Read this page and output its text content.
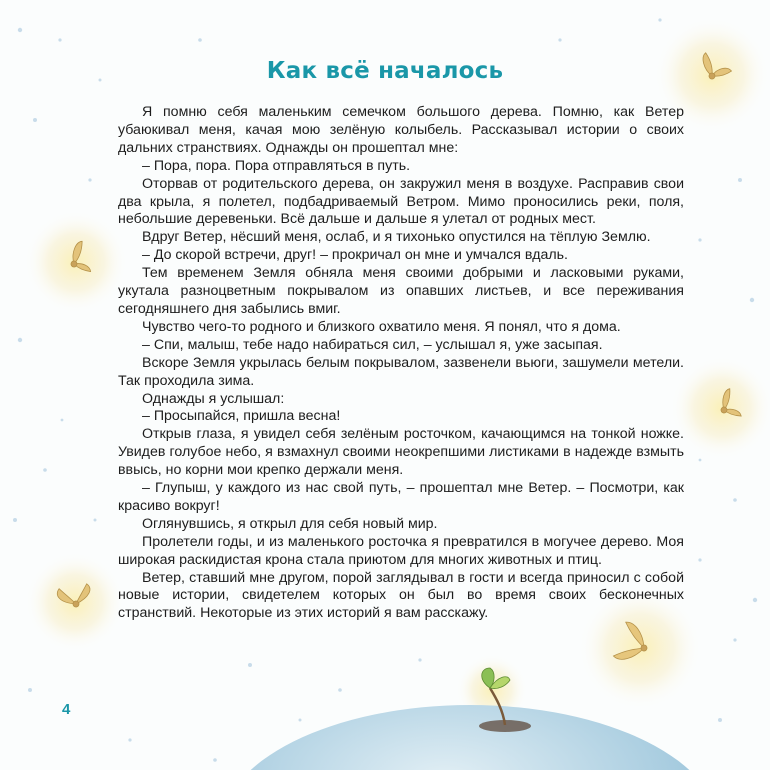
Как всё началось

Я помню себя маленьким семечком большого дерева. Помню, как Ветер убаюкивал меня, качая мою зелёную колыбель. Рассказывал истории о своих дальних странствиях. Однажды он прошептал мне:

– Пора, пора. Пора отправляться в путь.

Оторвав от родительского дерева, он закружил меня в воздухе. Расправив свои два крыла, я полетел, подбадриваемый Ветром. Мимо проносились реки, поля, небольшие деревеньки. Всё дальше и дальше я улетал от родных мест.

Вдруг Ветер, нёсший меня, ослаб, и я тихонько опустился на тёплую Землю.

– До скорой встречи, друг! – прокричал он мне и умчался вдаль.

Тем временем Земля обняла меня своими добрыми и ласковыми руками, укутала разноцветным покрывалом из опавших листьев, и все переживания сегодняшнего дня забылись вмиг.

Чувство чего-то родного и близкого охватило меня. Я понял, что я дома.

– Спи, малыш, тебе надо набираться сил, – услышал я, уже засыпая.

Вскоре Земля укрылась белым покрывалом, зазвенели вьюги, зашумели метели. Так проходила зима.

Однажды я услышал:

– Просыпайся, пришла весна!

Открыв глаза, я увидел себя зелёным росточком, качающимся на тонкой ножке. Увидев голубое небо, я взмахнул своими неокрепшими листиками в надежде взмыть ввысь, но корни мои крепко держали меня.

– Глупыш, у каждого из нас свой путь, – прошептал мне Ветер. – Посмотри, как красиво вокруг!

Оглянувшись, я открыл для себя новый мир.

Пролетели годы, и из маленького росточка я превратился в могучее дерево. Моя широкая раскидистая крона стала приютом для многих животных и птиц.

Ветер, ставший мне другом, порой заглядывал в гости и всегда приносил с собой новые истории, свидетелем которых он был во время своих бесконечных странствий. Некоторые из этих историй я вам расскажу.

4
